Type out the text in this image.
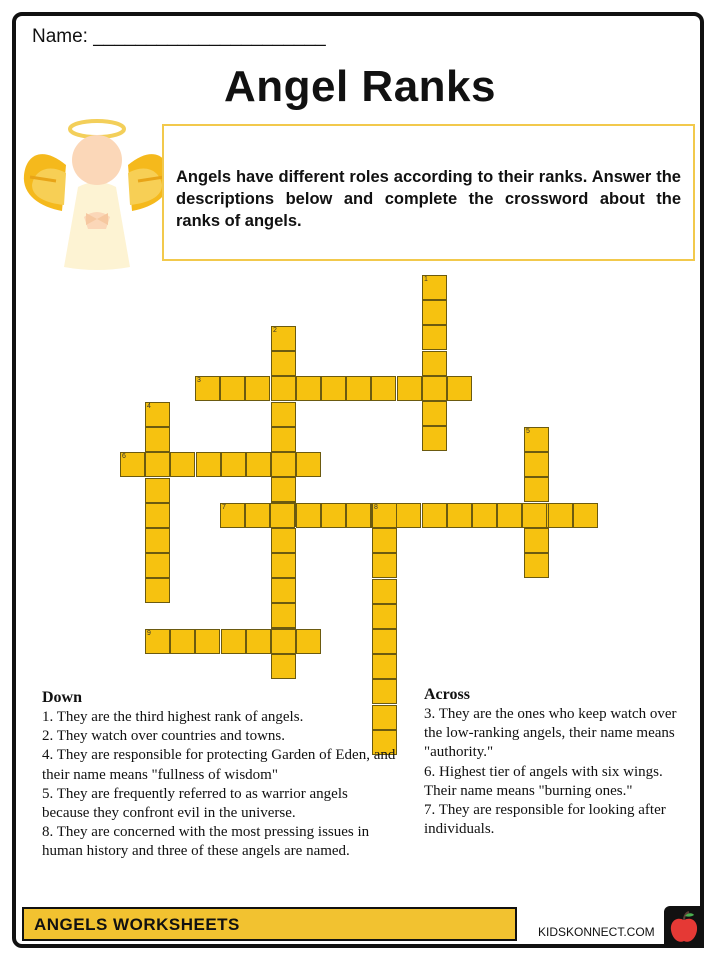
Name: ______________________
Angel Ranks
Angels have different roles according to their ranks. Answer the descriptions below and complete the crossword about the ranks of angels.
1
2
3
4
5
6
7	8
9
Down

1. They are the third highest rank of angels.

2. They watch over countries and towns.

4. They are responsible for protecting Garden of Eden, and their name means "fullness of wisdom"

5. They are frequently referred to as warrior angels because they confront evil in the universe.

8. They are concerned with the most pressing issues in human history and three of these angels are named.

Across

3. They are the ones who keep watch over the low-ranking angels, their name means "authority."

6. Highest tier of angels with six wings. Their name means "burning ones."

7. They are responsible for looking after individuals.

ANGELS WORKSHEETS	KIDSKONNECT.COM
